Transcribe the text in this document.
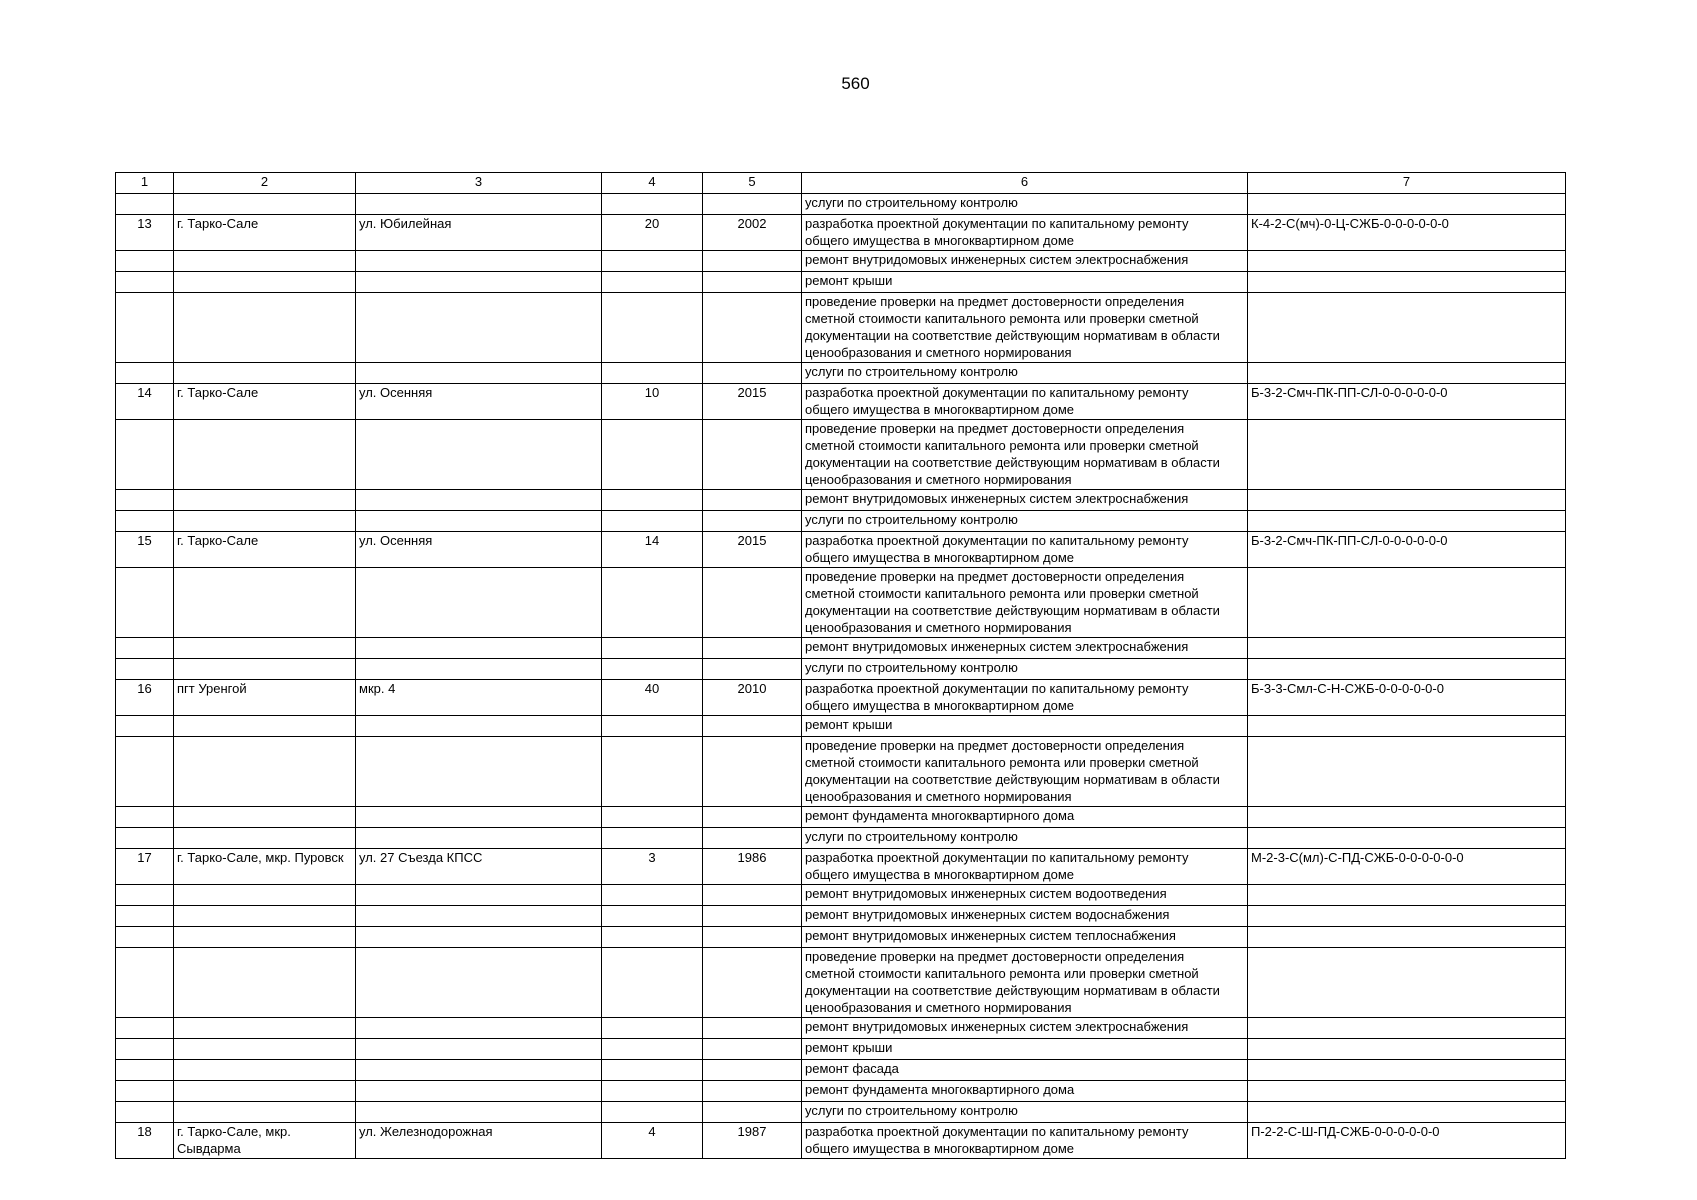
560
1	2	3	4	5	6	7
					услуги по строительному контролю	
13	г. Тарко-Сале	ул. Юбилейная	20	2002	разработка проектной документации по капитальному ремонту
общего имущества в многоквартирном доме	К-4-2-С(мч)-0-Ц-СЖБ-0-0-0-0-0-0
					ремонт внутридомовых инженерных систем электроснабжения	
					ремонт крыши	
					проведение проверки на предмет достоверности определения
сметной стоимости капитального ремонта или проверки сметной
документации на соответствие действующим нормативам в области
ценообразования и сметного нормирования	
					услуги по строительному контролю	
14	г. Тарко-Сале	ул. Осенняя	10	2015	разработка проектной документации по капитальному ремонту
общего имущества в многоквартирном доме	Б-3-2-Смч-ПК-ПП-СЛ-0-0-0-0-0-0
					проведение проверки на предмет достоверности определения
сметной стоимости капитального ремонта или проверки сметной
документации на соответствие действующим нормативам в области
ценообразования и сметного нормирования	
					ремонт внутридомовых инженерных систем электроснабжения	
					услуги по строительному контролю	
15	г. Тарко-Сале	ул. Осенняя	14	2015	разработка проектной документации по капитальному ремонту
общего имущества в многоквартирном доме	Б-3-2-Смч-ПК-ПП-СЛ-0-0-0-0-0-0
					проведение проверки на предмет достоверности определения
сметной стоимости капитального ремонта или проверки сметной
документации на соответствие действующим нормативам в области
ценообразования и сметного нормирования	
					ремонт внутридомовых инженерных систем электроснабжения	
					услуги по строительному контролю	
16	пгт Уренгой	мкр. 4	40	2010	разработка проектной документации по капитальному ремонту
общего имущества в многоквартирном доме	Б-3-3-Смл-С-Н-СЖБ-0-0-0-0-0-0
					ремонт крыши	
					проведение проверки на предмет достоверности определения
сметной стоимости капитального ремонта или проверки сметной
документации на соответствие действующим нормативам в области
ценообразования и сметного нормирования	
					ремонт фундамента многоквартирного дома	
					услуги по строительному контролю	
17	г. Тарко-Сале, мкр. Пуровск	ул. 27 Съезда КПСС	3	1986	разработка проектной документации по капитальному ремонту
общего имущества в многоквартирном доме	М-2-3-С(мл)-С-ПД-СЖБ-0-0-0-0-0-0
					ремонт внутридомовых инженерных систем водоотведения	
					ремонт внутридомовых инженерных систем водоснабжения	
					ремонт внутридомовых инженерных систем теплоснабжения	
					проведение проверки на предмет достоверности определения
сметной стоимости капитального ремонта или проверки сметной
документации на соответствие действующим нормативам в области
ценообразования и сметного нормирования	
					ремонт внутридомовых инженерных систем электроснабжения	
					ремонт крыши	
					ремонт фасада	
					ремонт фундамента многоквартирного дома	
					услуги по строительному контролю	
18	г. Тарко-Сале, мкр.
Сывдарма	ул. Железнодорожная	4	1987	разработка проектной документации по капитальному ремонту
общего имущества в многоквартирном доме	П-2-2-С-Ш-ПД-СЖБ-0-0-0-0-0-0
